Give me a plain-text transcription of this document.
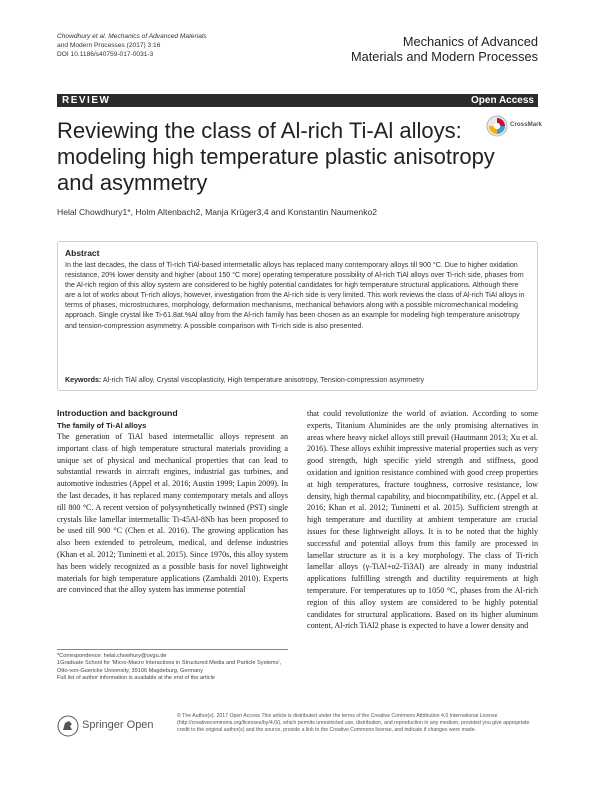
Chowdhury et al. Mechanics of Advanced Materials
and Modern Processes (2017) 3:16
DOI 10.1186/s40759-017-0031-3
Mechanics of Advanced
Materials and Modern Processes
REVIEW	Open Access
Reviewing the class of Al-rich Ti-Al alloys: modeling high temperature plastic anisotropy and asymmetry
CrossMark
Helal Chowdhury1*, Holm Altenbach2, Manja Krüger3,4 and Konstantin Naumenko2
Abstract

In the last decades, the class of Ti-rich TiAl-based intermetallic alloys has replaced many contemporary alloys till 900 °C. Due to higher oxidation resistance, 20% lower density and higher (about 150 °C more) operating temperature possibility of Al-rich TiAl alloys over Ti-rich side, phases from the Al-rich region of this alloy system are considered to be highly potential candidates for high temperature structural applications. Although there are a lot of works about Ti-rich alloys, however, investigation from the Al-rich side is very limited. This work reviews the class of Al-rich TiAl alloys in terms of phases, microstructures, morphology, deformation mechanisms, mechanical behaviors along with a possible micromechanical modeling approach. Single crystal like Ti-61.8at.%Al alloy from the Al-rich family has been chosen as an example for modeling high temperature anisotropy and tension-compression asymmetry. A possible comparison with Ti-rich side is also presented.

Keywords: Al-rich TiAl alloy, Crystal viscoplasticity, High temperature anisotropy, Tension-compression asymmetry
Introduction and background
The family of Ti-Al alloys

The generation of TiAl based intermetallic alloys represent an important class of high temperature structural materials providing a unique set of physical and mechanical properties that can lead to substantial rewards in aircraft engines, industrial gas turbines, and automotive industries (Appel et al. 2016; Austin 1999; Lapin 2009). In the last decades, it has replaced many contemporary metals and alloys till 800 °C. A recent version of polysynthetically twinned (PST) single crystals like lamellar intermetallic Ti-45Al-8Nb has been proposed to be used till 900 °C (Chen et al. 2016). The growing application has also been extended to petroleum, medical, and defense industries (Khan et al. 2012; Tuninetti et al. 2015). Since 1970s, this alloy system has been widely recognized as a possible basis for novel lightweight materials for high temperature applications (Zambaldi 2010). Experts are convinced that the alloy system has immense potential

that could revolutionize the world of aviation. According to some experts, Titanium Aluminides are the only promising alternatives in areas where heavy nickel alloys still prevail (Hautmann 2013; Xu et al. 2016). These alloys exhibit impressive material properties such as very good strength, high specific yield strength and stiffness, good oxidation and ignition resistance combined with good creep properties at high temperatures, fracture toughness, corrosive resistance, low density, high thermal capability, and biocompatibility, etc. (Appel et al. 2016; Khan et al. 2012; Tuninetti et al. 2015). Sufficient strength at high temperature and ductility at ambient temperature are crucial issues for these lightweight alloys. It is to be noted that the highly successful and potential alloys from this family are processed in lamellar structure as it is a key morphology. The class of Ti-rich lamellar alloys (γ-TiAl+α2-Ti3Al) are already in many industrial applications fulfilling strength and ductility requirements at high temperature. For temperatures up to 1050 °C, phases from the Al-rich region of this alloy system are considered to be highly potential candidates for structural applications. Based on its higher aluminum content, Al-rich TiAl2 phase is expected to have a lower density and

*Correspondence: helal.chowhury@ovgu.de
1Graduate School for 'Micro-Macro Interactions in Structured Media and Particle Systems', Otto-von-Guericke University, 39106 Magdeburg, Germany
Full list of author information is available at the end of the article
Springer Open
© The Author(s). 2017 Open Access This article is distributed under the terms of the Creative Commons Attribution 4.0 International License (http://creativecommons.org/licenses/by/4.0/), which permits unrestricted use, distribution, and reproduction in any medium, provided you give appropriate credit to the original author(s) and the source, provide a link to the Creative Commons license, and indicate if changes were made.
